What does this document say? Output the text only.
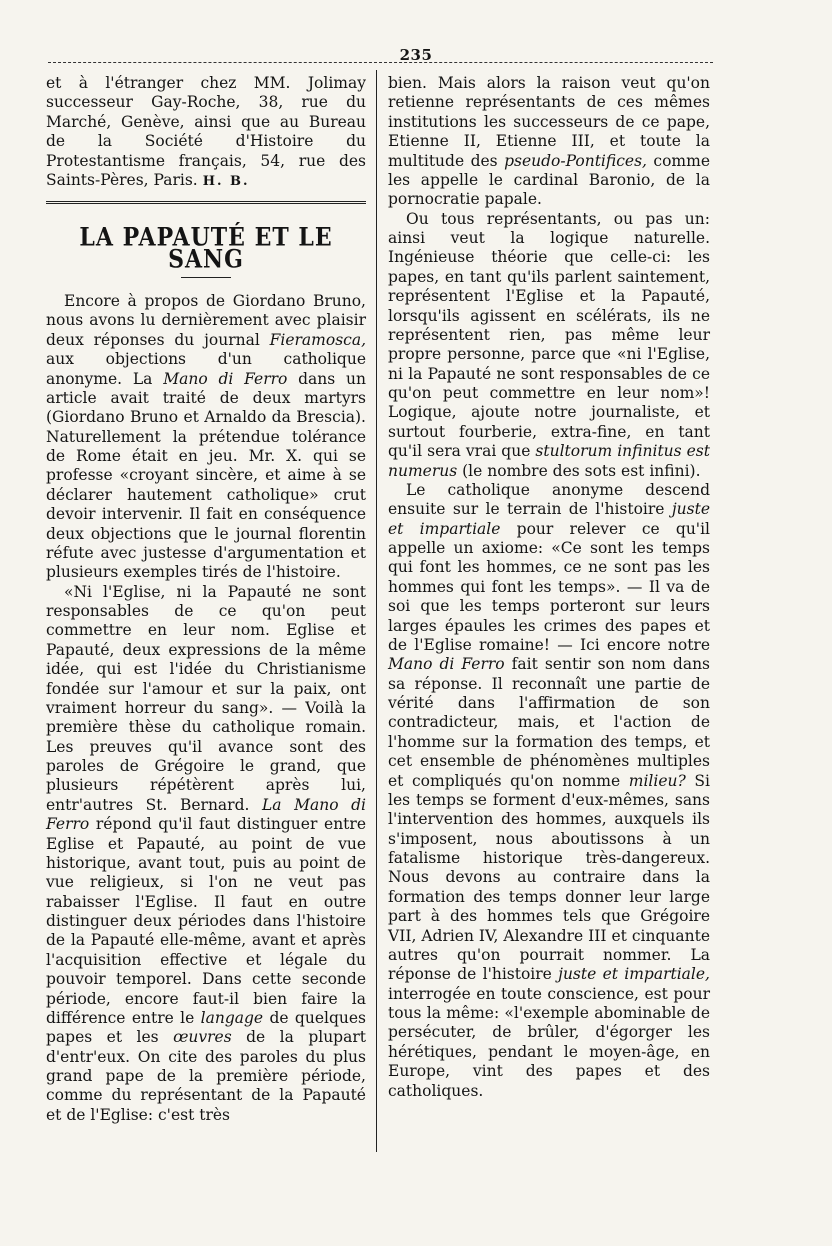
235

et à l'étranger chez MM. Jolimay successeur Gay-Roche, 38, rue du Marché, Genève, ainsi que au Bureau de la Société d'Histoire du Protestantisme français, 54, rue des Saints-Pères, Paris. H. B.

LA PAPAUTÉ ET LE SANG

Encore à propos de Giordano Bruno, nous avons lu dernièrement avec plaisir deux réponses du journal Fieramosca, aux objections d'un catholique anonyme. La Mano di Ferro dans un article avait traité de deux martyrs (Giordano Bruno et Arnaldo da Brescia). Naturellement la prétendue tolérance de Rome était en jeu. Mr. X. qui se professe «croyant sincère, et aime à se déclarer hautement catholique» crut devoir intervenir. Il fait en conséquence deux objections que le journal florentin réfute avec justesse d'argumentation et plusieurs exemples tirés de l'histoire.

«Ni l'Eglise, ni la Papauté ne sont responsables de ce qu'on peut commettre en leur nom. Eglise et Papauté, deux expressions de la même idée, qui est l'idée du Christianisme fondée sur l'amour et sur la paix, ont vraiment horreur du sang». — Voilà la première thèse du catholique romain. Les preuves qu'il avance sont des paroles de Grégoire le grand, que plusieurs répétèrent après lui, entr'autres St. Bernard. La Mano di Ferro répond qu'il faut distinguer entre Eglise et Papauté, au point de vue historique, avant tout, puis au point de vue religieux, si l'on ne veut pas rabaisser l'Eglise. Il faut en outre distinguer deux périodes dans l'histoire de la Papauté elle-même, avant et après l'acquisition effective et légale du pouvoir temporel. Dans cette seconde période, encore faut-il bien faire la différence entre le langage de quelques papes et les œuvres de la plupart d'entr'eux. On cite des paroles du plus grand pape de la première période, comme du représentant de la Papauté et de l'Eglise: c'est très

bien. Mais alors la raison veut qu'on retienne représentants de ces mêmes institutions les successeurs de ce pape, Etienne II, Etienne III, et toute la multitude des pseudo-Pontifices, comme les appelle le cardinal Baronio, de la pornocratie papale.

Ou tous représentants, ou pas un: ainsi veut la logique naturelle. Ingénieuse théorie que celle-ci: les papes, en tant qu'ils parlent saintement, représentent l'Eglise et la Papauté, lorsqu'ils agissent en scélérats, ils ne représentent rien, pas même leur propre personne, parce que «ni l'Eglise, ni la Papauté ne sont responsables de ce qu'on peut commettre en leur nom»! Logique, ajoute notre journaliste, et surtout fourberie, extra-fine, en tant qu'il sera vrai que stultorum infinitus est numerus (le nombre des sots est infini).

Le catholique anonyme descend ensuite sur le terrain de l'histoire juste et impartiale pour relever ce qu'il appelle un axiome: «Ce sont les temps qui font les hommes, ce ne sont pas les hommes qui font les temps». — Il va de soi que les temps porteront sur leurs larges épaules les crimes des papes et de l'Eglise romaine! — Ici encore notre Mano di Ferro fait sentir son nom dans sa réponse. Il reconnaît une partie de vérité dans l'affirmation de son contradicteur, mais, et l'action de l'homme sur la formation des temps, et cet ensemble de phénomènes multiples et compliqués qu'on nomme milieu? Si les temps se forment d'eux-mêmes, sans l'intervention des hommes, auxquels ils s'imposent, nous aboutissons à un fatalisme historique très-dangereux. Nous devons au contraire dans la formation des temps donner leur large part à des hommes tels que Grégoire VII, Adrien IV, Alexandre III et cinquante autres qu'on pourrait nommer. La réponse de l'histoire juste et impartiale, interrogée en toute conscience, est pour tous la même: «l'exemple abominable de persécuter, de brûler, d'égorger les hérétiques, pendant le moyen-âge, en Europe, vint des papes et des catholiques.
